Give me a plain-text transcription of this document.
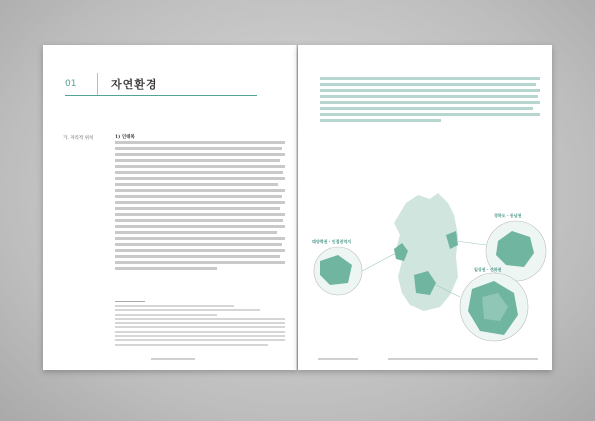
01	자연환경
가. 자리적 위치	1) 인태복
경하도 · 동남권
태양력권 · 인접권역지
일상권 · 산하권
